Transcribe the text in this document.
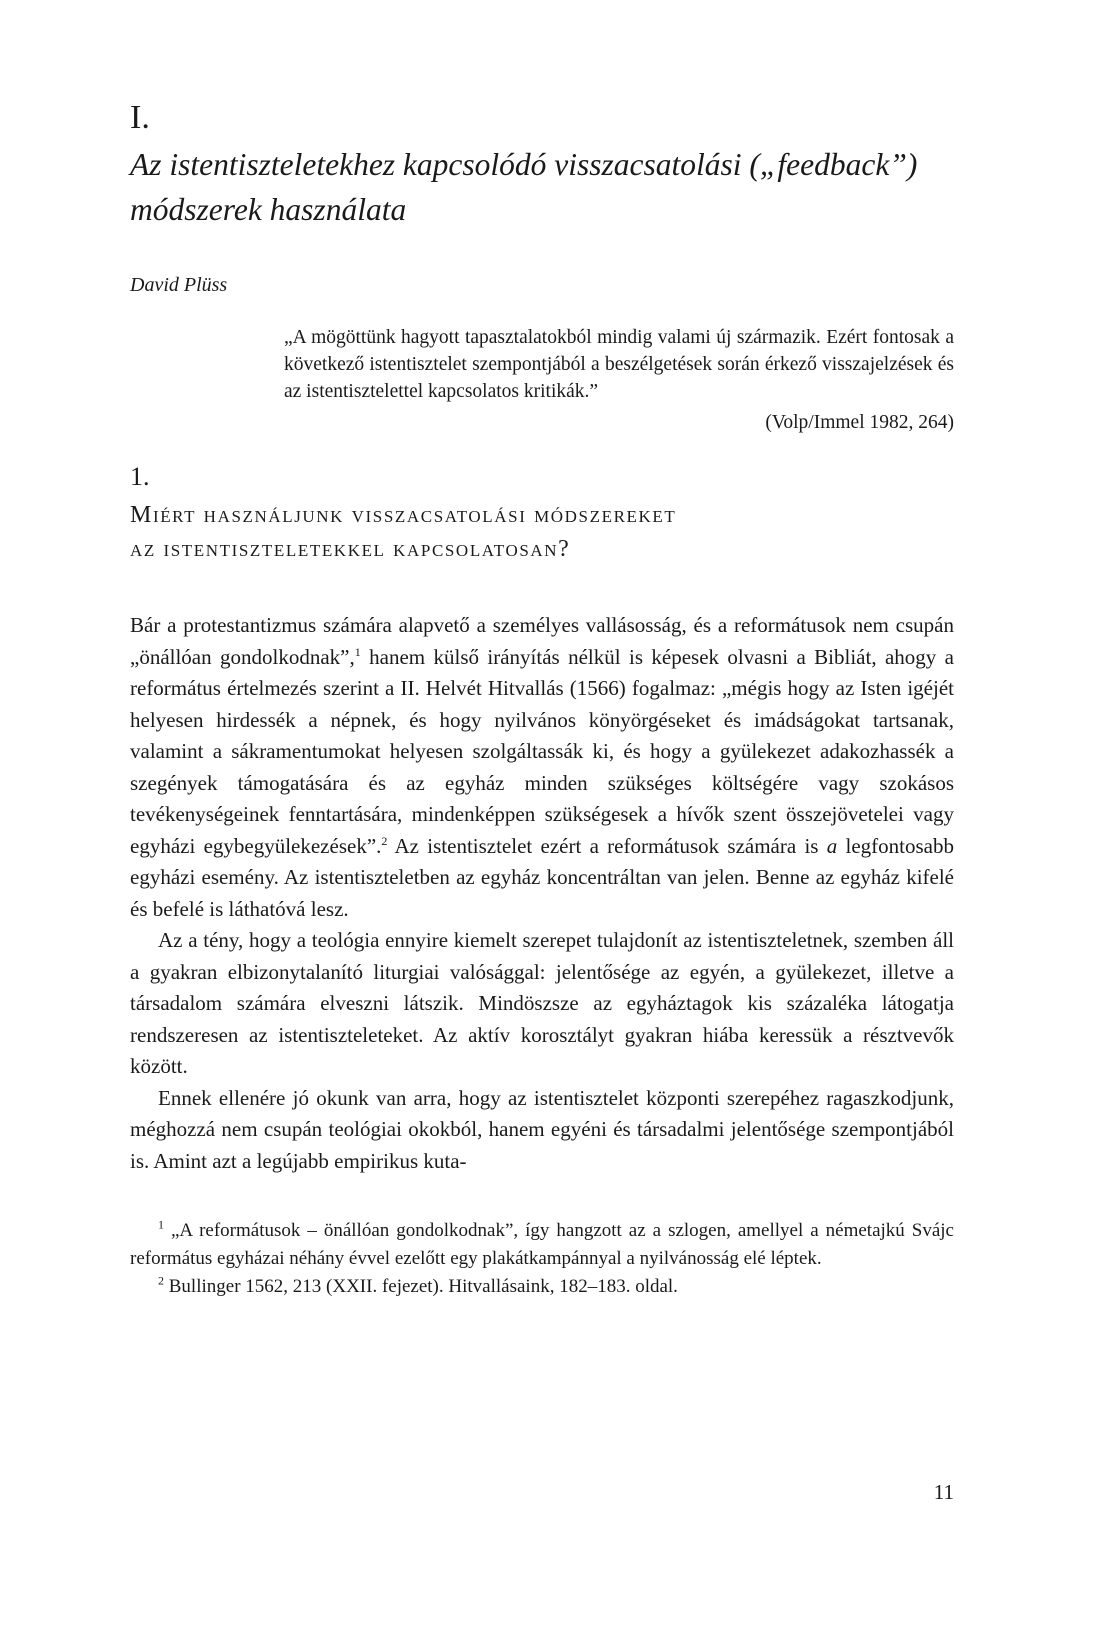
I.
Az istentiszteletekhez kapcsolódó visszacsatolási („feedback”)
módszerek használata
David Plüss
„A mögöttünk hagyott tapasztalatokból mindig valami új származik. Ezért fontosak a következő istentisztelet szempontjából a beszélgetések során érkező visszajelzések és az istentisztelettel kapcsolatos kritikák.”
(Volp/Immel 1982, 264)
1.
Miért használjunk visszacsatolási módszereket
az istentiszteletekkel kapcsolatosan?

Bár a protestantizmus számára alapvető a személyes vallásosság, és a reformátusok nem csupán „önállóan gondolkodnak”,$^1$ hanem külső irányítás nélkül is képesek olvasni a Bibliát, ahogy a református értelmezés szerint a II. Helvét Hitvallás (1566) fogalmaz: „mégis hogy az Isten igéjét helyesen hirdessék a népnek, és hogy nyilvános könyörgéseket és imádságokat tartsanak, valamint a sákramentumokat helyesen szolgáltassák ki, és hogy a gyülekezet adakozhassék a szegények támogatására és az egyház minden szükséges költségére vagy szokásos tevékenységeinek fenntartására, mindenképpen szükségesek a hívők szent összejövetelei vagy egyházi egybegyülekezések”.$^2$ Az istentisztelet ezért a reformátusok számára is a legfontosabb egyházi esemény. Az istentiszteletben az egyház koncentráltan van jelen. Benne az egyház kifelé és befelé is láthatóvá lesz.

Az a tény, hogy a teológia ennyire kiemelt szerepet tulajdonít az istentiszteletnek, szemben áll a gyakran elbizonytalanító liturgiai valósággal: jelentősége az egyén, a gyülekezet, illetve a társadalom számára elveszni látszik. Mindöszsze az egyháztagok kis százaléka látogatja rendszeresen az istentiszteleteket. Az aktív korosztályt gyakran hiába keressük a résztvevők között.

Ennek ellenére jó okunk van arra, hogy az istentisztelet központi szerepéhez ragaszkodjunk, méghozzá nem csupán teológiai okokból, hanem egyéni és társadalmi jelentősége szempontjából is. Amint azt a legújabb empirikus kuta-

$^1$ „A reformátusok – önállóan gondolkodnak”, így hangzott az a szlogen, amellyel a németajkú Svájc református egyházai néhány évvel ezelőtt egy plakátkampánnyal a nyilvánosság elé léptek.

$^2$ Bullinger 1562, 213 (XXII. fejezet). Hitvallásaink, 182–183. oldal.

11
